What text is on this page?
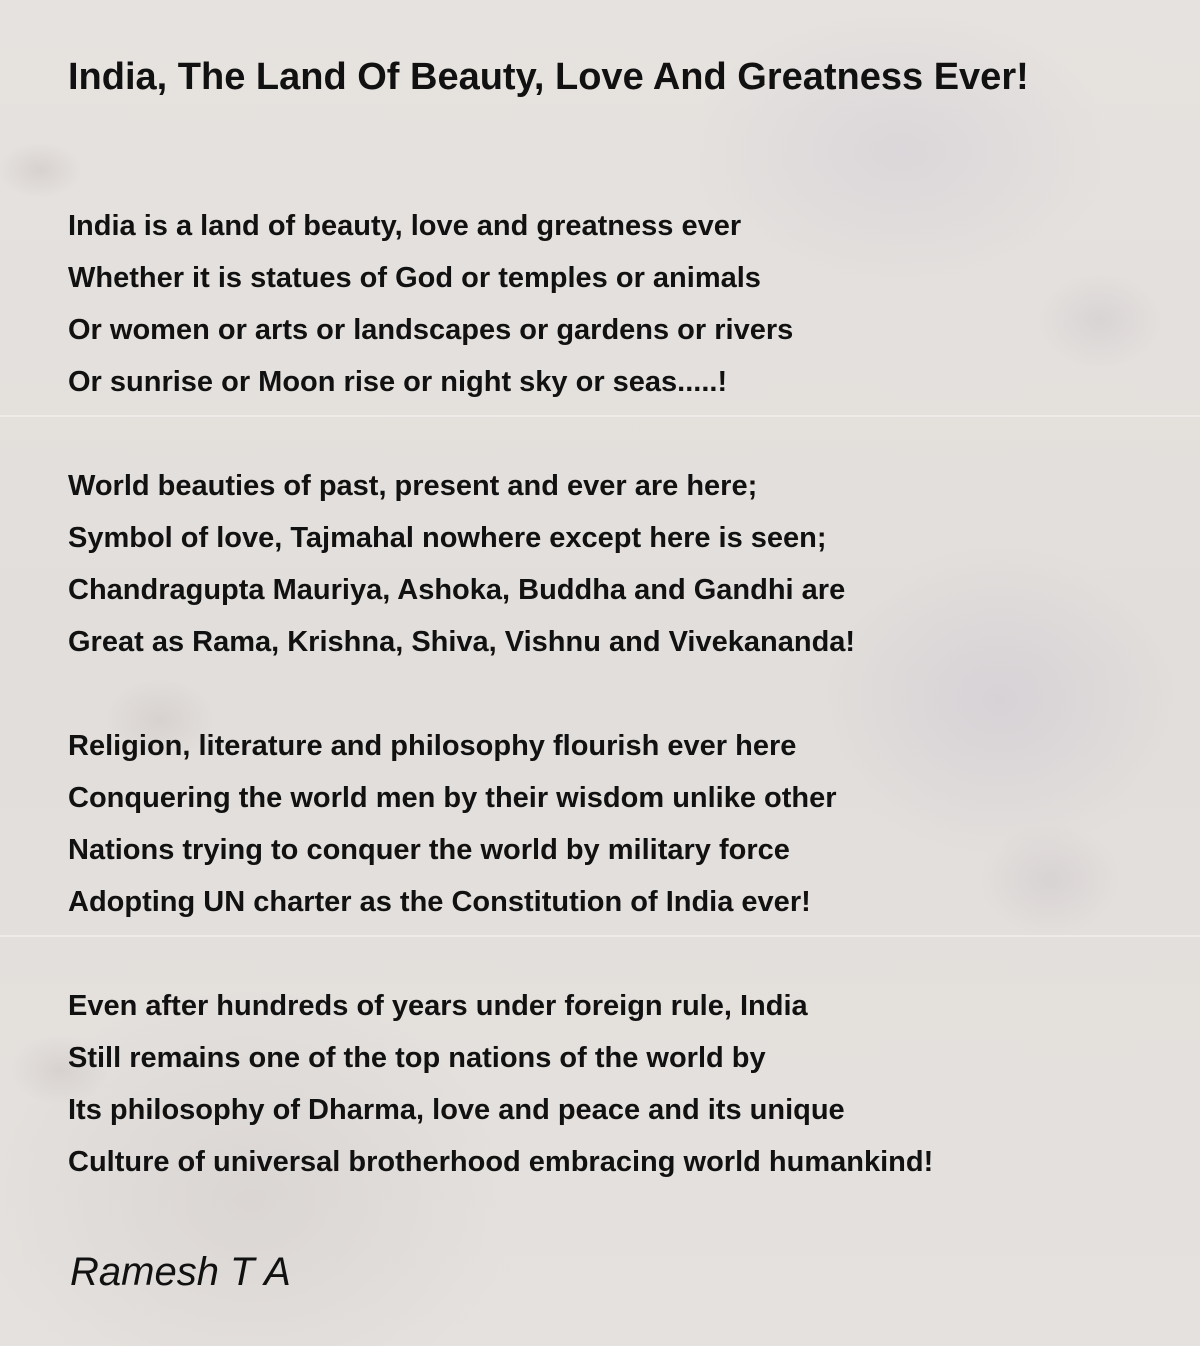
India, The Land Of Beauty, Love And Greatness Ever!
India is a land of beauty, love and greatness ever
Whether it is statues of God or temples or animals
Or women or arts or landscapes or gardens or rivers
Or sunrise or Moon rise or night sky or seas.....!
World beauties of past, present and ever are here;
Symbol of love, Tajmahal nowhere except here is seen;
Chandragupta Mauriya, Ashoka, Buddha and Gandhi are
Great as Rama, Krishna, Shiva, Vishnu and Vivekananda!
Religion, literature and philosophy flourish ever here
Conquering the world men by their wisdom unlike other
Nations trying to conquer the world by military force
Adopting UN charter as the Constitution of India ever!
Even after hundreds of years under foreign rule, India
Still remains one of the top nations of the world by
Its philosophy of Dharma, love and peace and its unique
Culture of universal brotherhood embracing world humankind!
Ramesh T A
